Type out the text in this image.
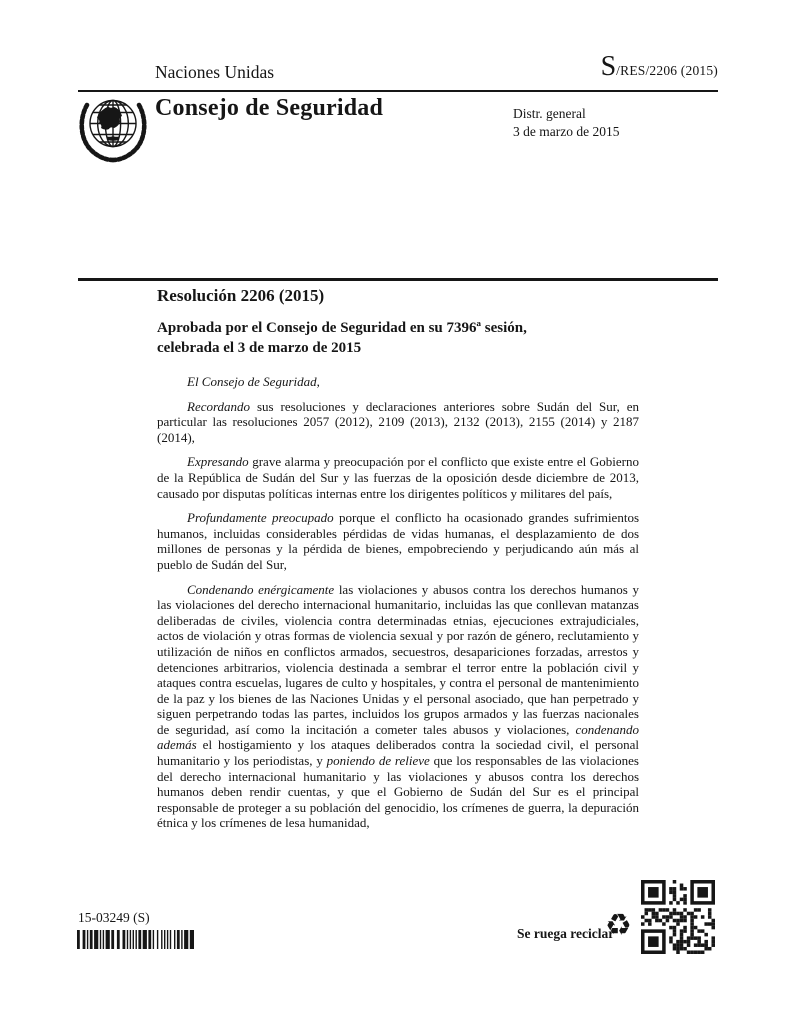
Naciones Unidas	S/RES/2206 (2015)
Consejo de Seguridad	Distr. general
3 de marzo de 2015
Resolución 2206 (2015)
Aprobada por el Consejo de Seguridad en su 7396ª sesión,
celebrada el 3 de marzo de 2015

El Consejo de Seguridad,

Recordando sus resoluciones y declaraciones anteriores sobre Sudán del Sur, en particular las resoluciones 2057 (2012), 2109 (2013), 2132 (2013), 2155 (2014) y 2187 (2014),

Expresando grave alarma y preocupación por el conflicto que existe entre el Gobierno de la República de Sudán del Sur y las fuerzas de la oposición desde diciembre de 2013, causado por disputas políticas internas entre los dirigentes políticos y militares del país,

Profundamente preocupado porque el conflicto ha ocasionado grandes sufrimientos humanos, incluidas considerables pérdidas de vidas humanas, el desplazamiento de dos millones de personas y la pérdida de bienes, empobreciendo y perjudicando aún más al pueblo de Sudán del Sur,

Condenando enérgicamente las violaciones y abusos contra los derechos humanos y las violaciones del derecho internacional humanitario, incluidas las que conllevan matanzas deliberadas de civiles, violencia contra determinadas etnias, ejecuciones extrajudiciales, actos de violación y otras formas de violencia sexual y por razón de género, reclutamiento y utilización de niños en conflictos armados, secuestros, desapariciones forzadas, arrestos y detenciones arbitrarios, violencia destinada a sembrar el terror entre la población civil y ataques contra escuelas, lugares de culto y hospitales, y contra el personal de mantenimiento de la paz y los bienes de las Naciones Unidas y el personal asociado, que han perpetrado y siguen perpetrando todas las partes, incluidos los grupos armados y las fuerzas nacionales de seguridad, así como la incitación a cometer tales abusos y violaciones, condenando además el hostigamiento y los ataques deliberados contra la sociedad civil, el personal humanitario y los periodistas, y poniendo de relieve que los responsables de las violaciones del derecho internacional humanitario y las violaciones y abusos contra los derechos humanos deben rendir cuentas, y que el Gobierno de Sudán del Sur es el principal responsable de proteger a su población del genocidio, los crímenes de guerra, la depuración étnica y los crímenes de lesa humanidad,

15-03249 (S)
Se ruega reciclar
♻
